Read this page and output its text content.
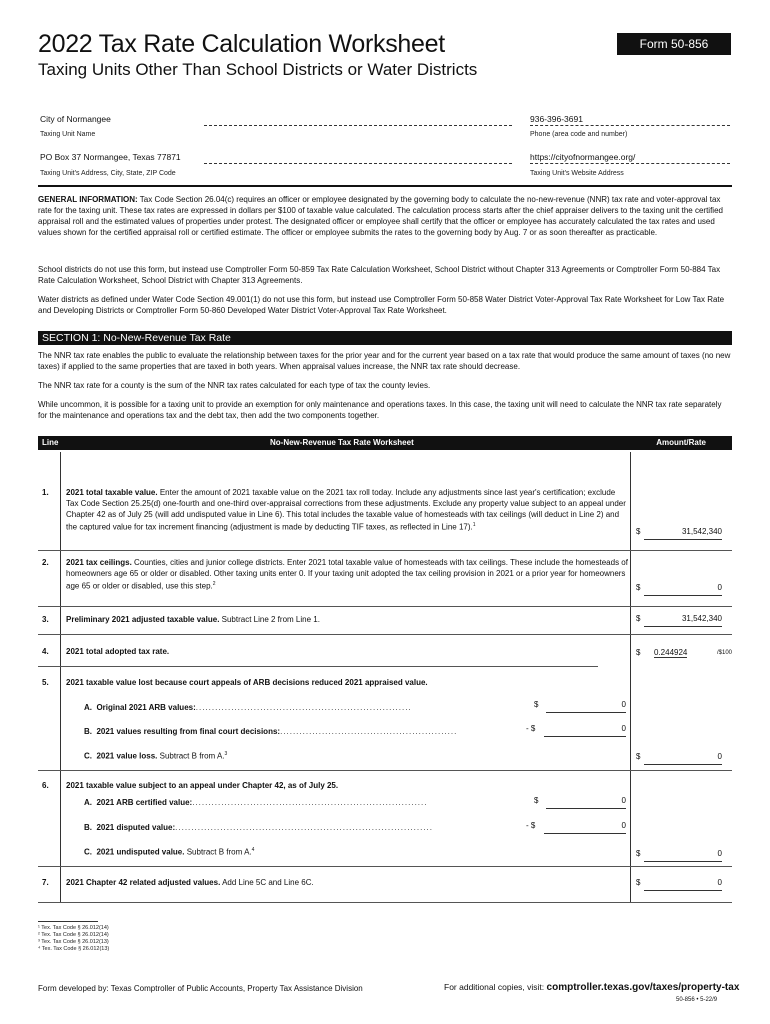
2022 Tax Rate Calculation Worksheet
Taxing Units Other Than School Districts or Water Districts
Form 50-856
City of Normangee
Taxing Unit Name
936-396-3691
Phone (area code and number)
PO Box 37 Normangee, Texas 77871
Taxing Unit's Address, City, State, ZIP Code
https://cityofnormangee.org/
Taxing Unit's Website Address
GENERAL INFORMATION: Tax Code Section 26.04(c) requires an officer or employee designated by the governing body to calculate the no-new-revenue (NNR) tax rate and voter-approval tax rate for the taxing unit. These tax rates are expressed in dollars per $100 of taxable value calculated. The calculation process starts after the chief appraiser delivers to the taxing unit the certified appraisal roll and the estimated values of properties under protest. The designated officer or employee shall certify that the officer or employee has accurately calculated the tax rates and used values shown for the certified appraisal roll or certified estimate. The officer or employee submits the rates to the governing body by Aug. 7 or as soon thereafter as practicable.
School districts do not use this form, but instead use Comptroller Form 50-859 Tax Rate Calculation Worksheet, School District without Chapter 313 Agreements or Comptroller Form 50-884 Tax Rate Calculation Worksheet, School District with Chapter 313 Agreements.
Water districts as defined under Water Code Section 49.001(1) do not use this form, but instead use Comptroller Form 50-858 Water District Voter-Approval Tax Rate Worksheet for Low Tax Rate and Developing Districts or Comptroller Form 50-860 Developed Water District Voter-Approval Tax Rate Worksheet.
SECTION 1: No-New-Revenue Tax Rate
The NNR tax rate enables the public to evaluate the relationship between taxes for the prior year and for the current year based on a tax rate that would produce the same amount of taxes (no new taxes) if applied to the same properties that are taxed in both years. When appraisal values increase, the NNR tax rate should decrease.
The NNR tax rate for a county is the sum of the NNR tax rates calculated for each type of tax the county levies.
While uncommon, it is possible for a taxing unit to provide an exemption for only maintenance and operations taxes. In this case, the taxing unit will need to calculate the NNR tax rate separately for the maintenance and operations tax and the debt tax, then add the two components together.
Line	No-New-Revenue Tax Rate Worksheet	Amount/Rate
1. 2021 total taxable value. Enter the amount of 2021 taxable value on the 2021 tax roll today. Include any adjustments since last year's certification; exclude Tax Code Section 25.25(d) one-fourth and one-third over-appraisal corrections from these adjustments. Exclude any property value subject to an appeal under Chapter 42 as of July 25 (will add undisputed value in Line 6). This total includes the taxable value of homesteads with tax ceilings (will deduct in Line 2) and the captured value for tax increment financing (adjustment is made by deducting TIF taxes, as reflected in Line 17).$^1$
$	31,542,340
2. 2021 tax ceilings. Counties, cities and junior college districts. Enter 2021 total taxable value of homesteads with tax ceilings. These include the homesteads of homeowners age 65 or older or disabled. Other taxing units enter 0. If your taxing unit adopted the tax ceiling provision in 2021 or a prior year for homeowners age 65 or older or disabled, use this step.$^2$	$	0
3. Preliminary 2021 adjusted taxable value. Subtract Line 2 from Line 1.	$	31,542,340
4. 2021 total adopted tax rate.	$ 0.244924	/$100
5. 2021 taxable value lost because court appeals of ARB decisions reduced 2021 appraised value.
A. Original 2021 ARB values:...................................................................	$	0
B. 2021 values resulting from final court decisions:.......................................................	- $	0
C. 2021 value loss. Subtract B from A.$^3$	$	0
6. 2021 taxable value subject to an appeal under Chapter 42, as of July 25.
A. 2021 ARB certified value:.........................................................................	$	0
B. 2021 disputed value:................................................................................	- $	0
C. 2021 undisputed value. Subtract B from A.$^4$	$	0
7. 2021 Chapter 42 related adjusted values. Add Line 5C and Line 6C.	$	0
¹ Tex. Tax Code § 26.012(14)
² Tex. Tax Code § 26.012(14)
³ Tex. Tax Code § 26.012(13)
⁴ Tex. Tax Code § 26.012(13)
Form developed by: Texas Comptroller of Public Accounts, Property Tax Assistance Division	For additional copies, visit: comptroller.texas.gov/taxes/property-tax
50-856 • 5-22/9
